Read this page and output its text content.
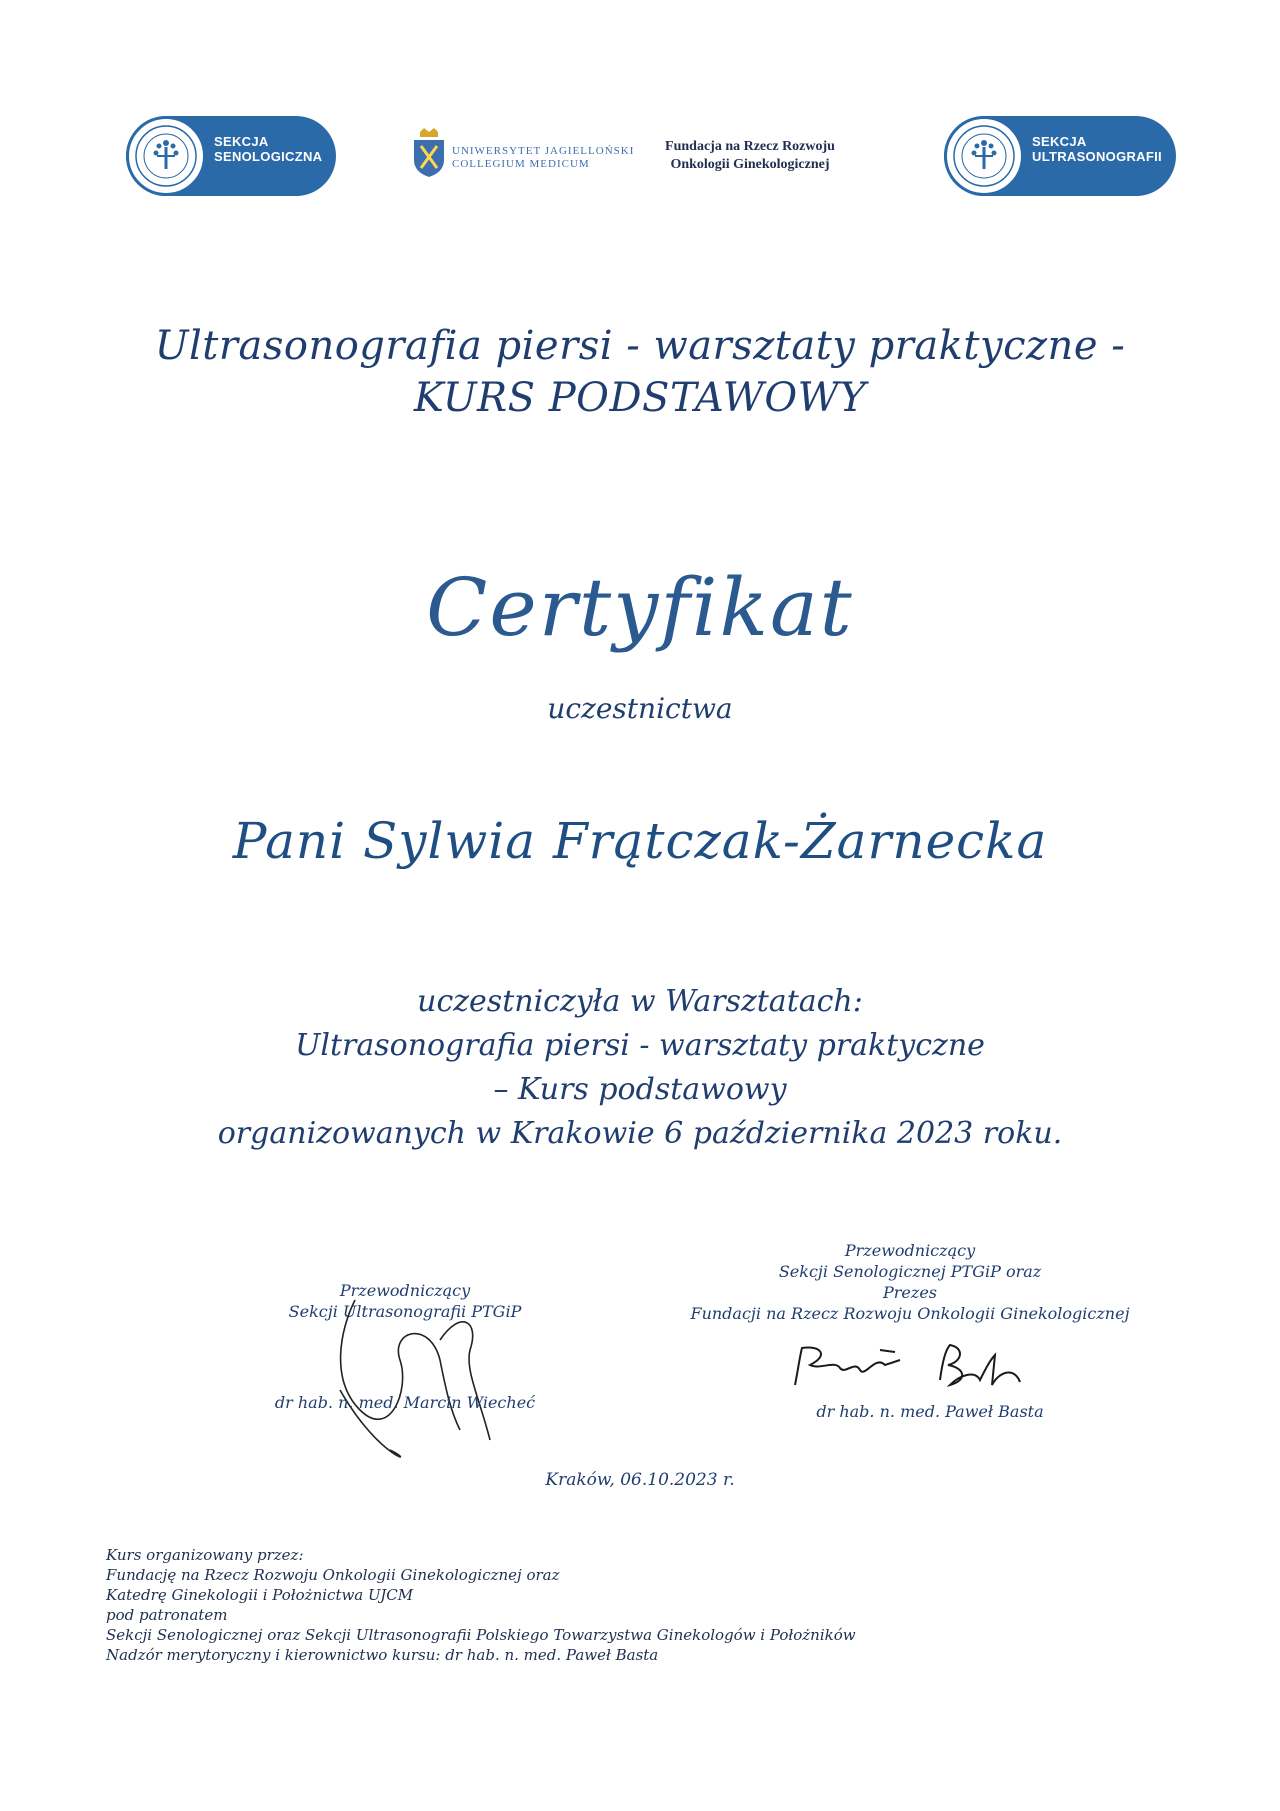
SEKCJA
SENOLOGICZNA	UNIWERSYTET JAGIELLOŃSKI
COLLEGIUM MEDICUM
Fundacja na Rzecz Rozwoju
Onkologii Ginekologicznej
SEKCJA
ULTRASONOGRAFII
Ultrasonografia piersi - warsztaty praktyczne -
KURS PODSTAWOWY
Certyfikat
uczestnictwa
Pani Sylwia Frątczak-Żarnecka
uczestniczyła w Warsztatach:
Ultrasonografia piersi - warsztaty praktyczne
– Kurs podstawowy
organizowanych w Krakowie 6 października 2023 roku.
Przewodniczący
Sekcji Ultrasonografii PTGiP
dr hab. n. med. Marcin Wiecheć
Przewodniczący
Sekcji Senologicznej PTGiP oraz
Prezes
Fundacji na Rzecz Rozwoju Onkologii Ginekologicznej
dr hab. n. med. Paweł Basta
Kraków, 06.10.2023 r.
Kurs organizowany przez:
Fundację na Rzecz Rozwoju Onkologii Ginekologicznej oraz
Katedrę Ginekologii i Położnictwa UJCM
pod patronatem
Sekcji Senologicznej oraz Sekcji Ultrasonografii Polskiego Towarzystwa Ginekologów i Położników
Nadzór merytoryczny i kierownictwo kursu: dr hab. n. med. Paweł Basta
